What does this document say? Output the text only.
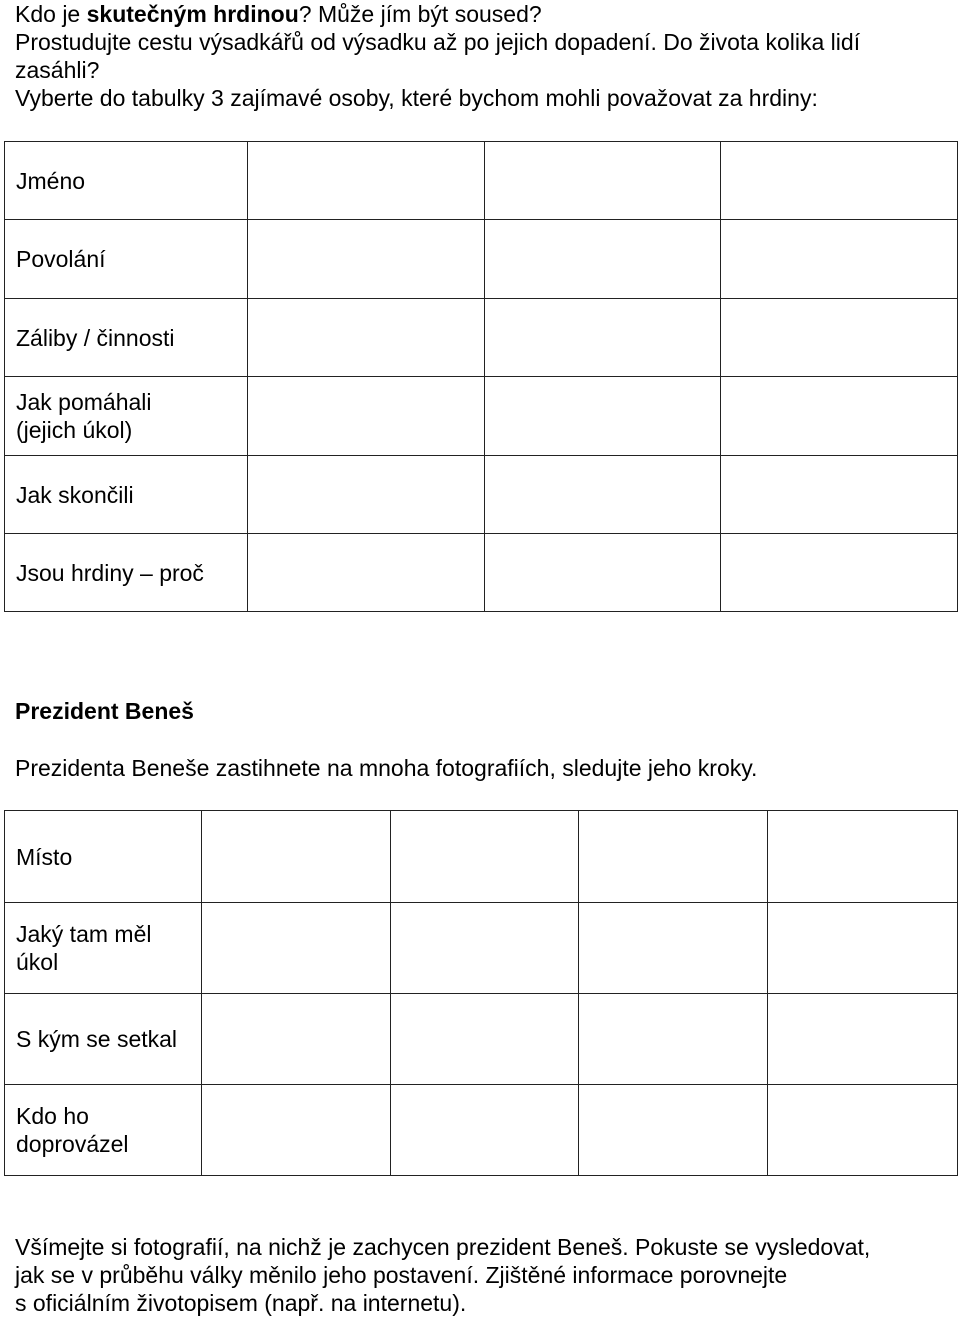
Kdo je skutečným hrdinou? Může jím být soused?
Prostudujte cestu výsadkářů od výsadku až po jejich dopadení. Do života kolika lidí
zasáhli?
Vyberte do tabulky 3 zajímavé osoby, které bychom mohli považovat za hrdiny:
Jméno			
Povolání			
Záliby / činnosti			
Jak pomáhali
(jejich úkol)			
Jak skončili			
Jsou hrdiny – proč			

Prezident Beneš

Prezidenta Beneše zastihnete na mnoha fotografiích, sledujte jeho kroky.

Místo				
Jaký tam měl
úkol				
S kým se setkal				
Kdo ho
doprovázel				
Všímejte si fotografií, na nichž je zachycen prezident Beneš. Pokuste se vysledovat,
jak se v průběhu války měnilo jeho postavení. Zjištěné informace porovnejte
s oficiálním životopisem (např. na internetu).
